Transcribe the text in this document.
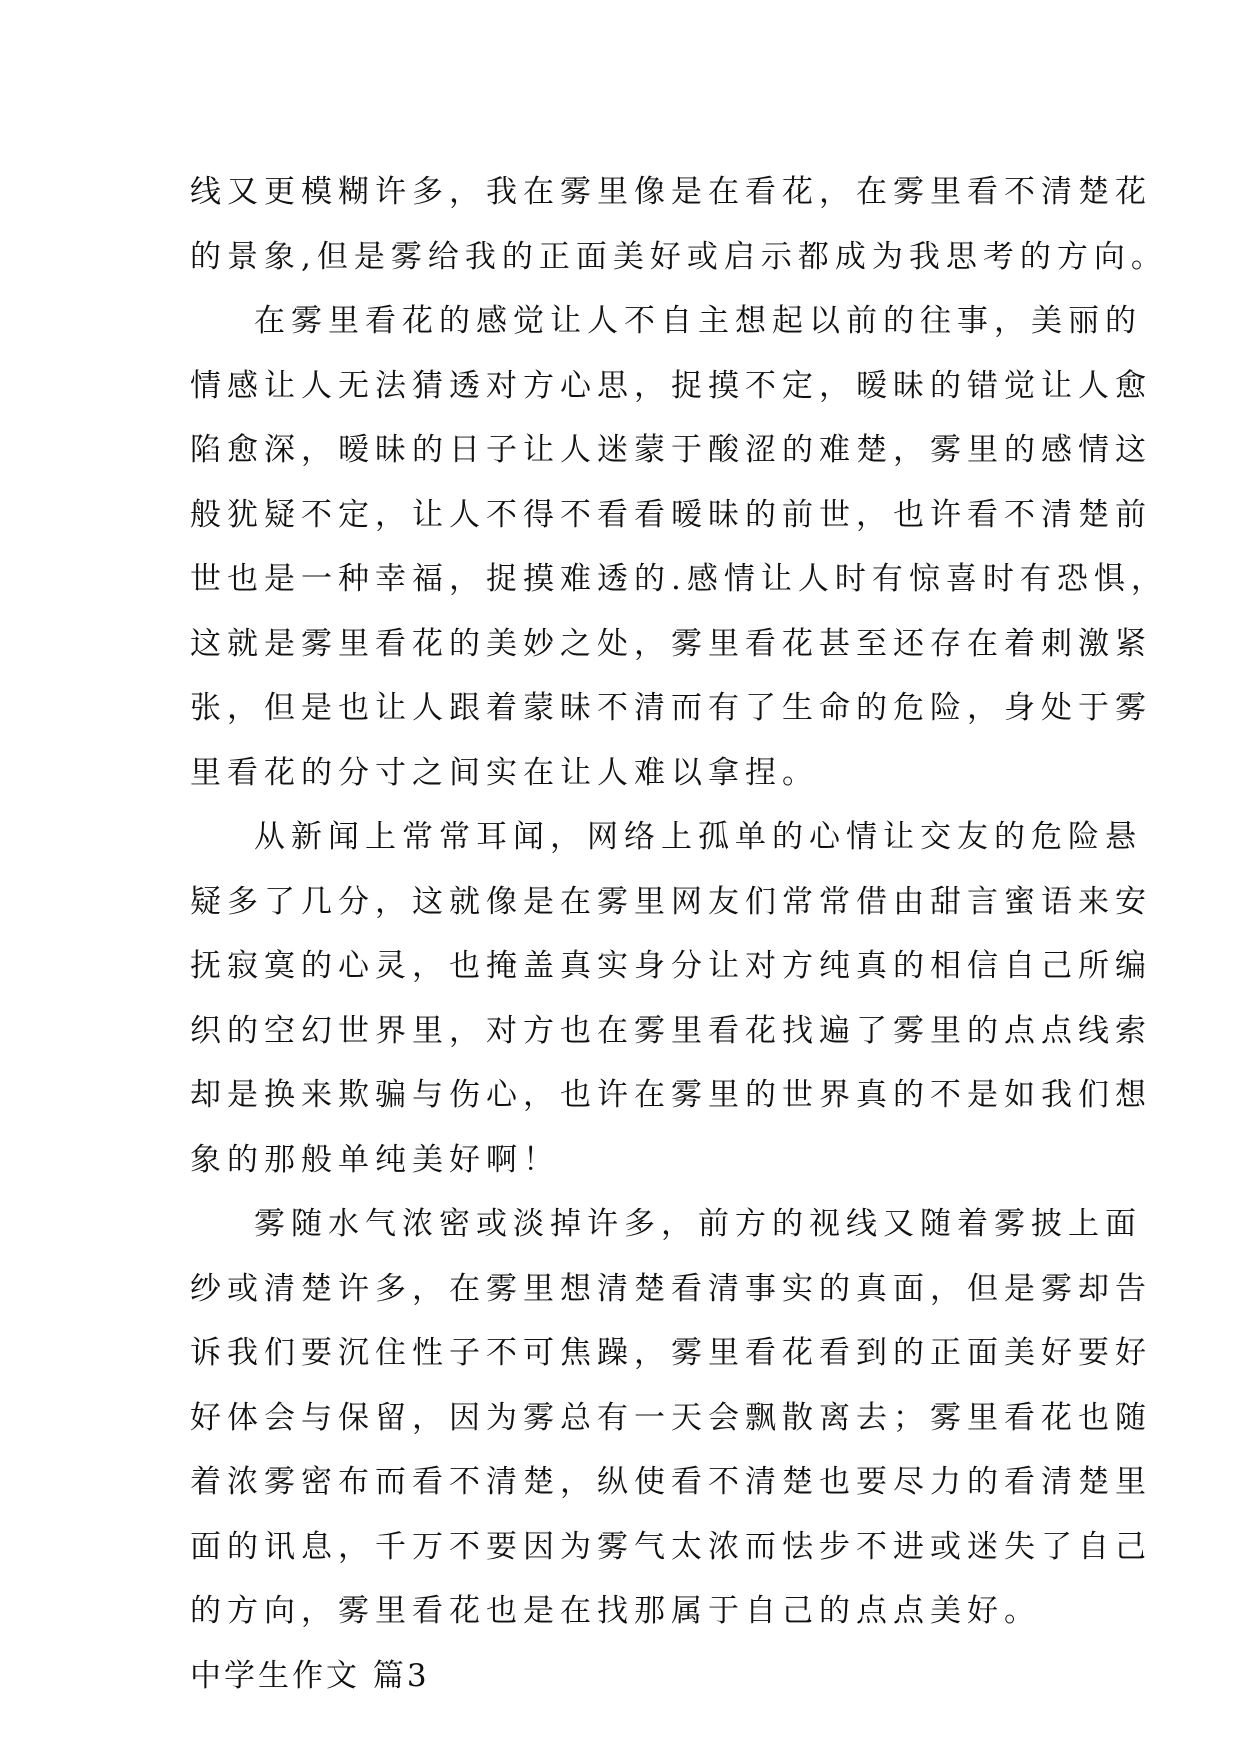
线又更模糊许多，我在雾里像是在看花，在雾里看不清楚花
的景象,但是雾给我的正面美好或启示都成为我思考的方向。
在雾里看花的感觉让人不自主想起以前的往事，美丽的
情感让人无法猜透对方心思，捉摸不定，暧昧的错觉让人愈
陷愈深，暧昧的日子让人迷蒙于酸涩的难楚，雾里的感情这
般犹疑不定，让人不得不看看暧昧的前世，也许看不清楚前
世也是一种幸福，捉摸难透的.感情让人时有惊喜时有恐惧，
这就是雾里看花的美妙之处，雾里看花甚至还存在着刺激紧
张，但是也让人跟着蒙昧不清而有了生命的危险，身处于雾
里看花的分寸之间实在让人难以拿捏。
从新闻上常常耳闻，网络上孤单的心情让交友的危险悬
疑多了几分，这就像是在雾里网友们常常借由甜言蜜语来安
抚寂寞的心灵，也掩盖真实身分让对方纯真的相信自己所编
织的空幻世界里，对方也在雾里看花找遍了雾里的点点线索
却是换来欺骗与伤心，也许在雾里的世界真的不是如我们想
象的那般单纯美好啊！
雾随水气浓密或淡掉许多，前方的视线又随着雾披上面
纱或清楚许多，在雾里想清楚看清事实的真面，但是雾却告
诉我们要沉住性子不可焦躁，雾里看花看到的正面美好要好
好体会与保留，因为雾总有一天会飘散离去；雾里看花也随
着浓雾密布而看不清楚，纵使看不清楚也要尽力的看清楚里
面的讯息，千万不要因为雾气太浓而怯步不进或迷失了自己
的方向，雾里看花也是在找那属于自己的点点美好。
中学生作文 篇3
